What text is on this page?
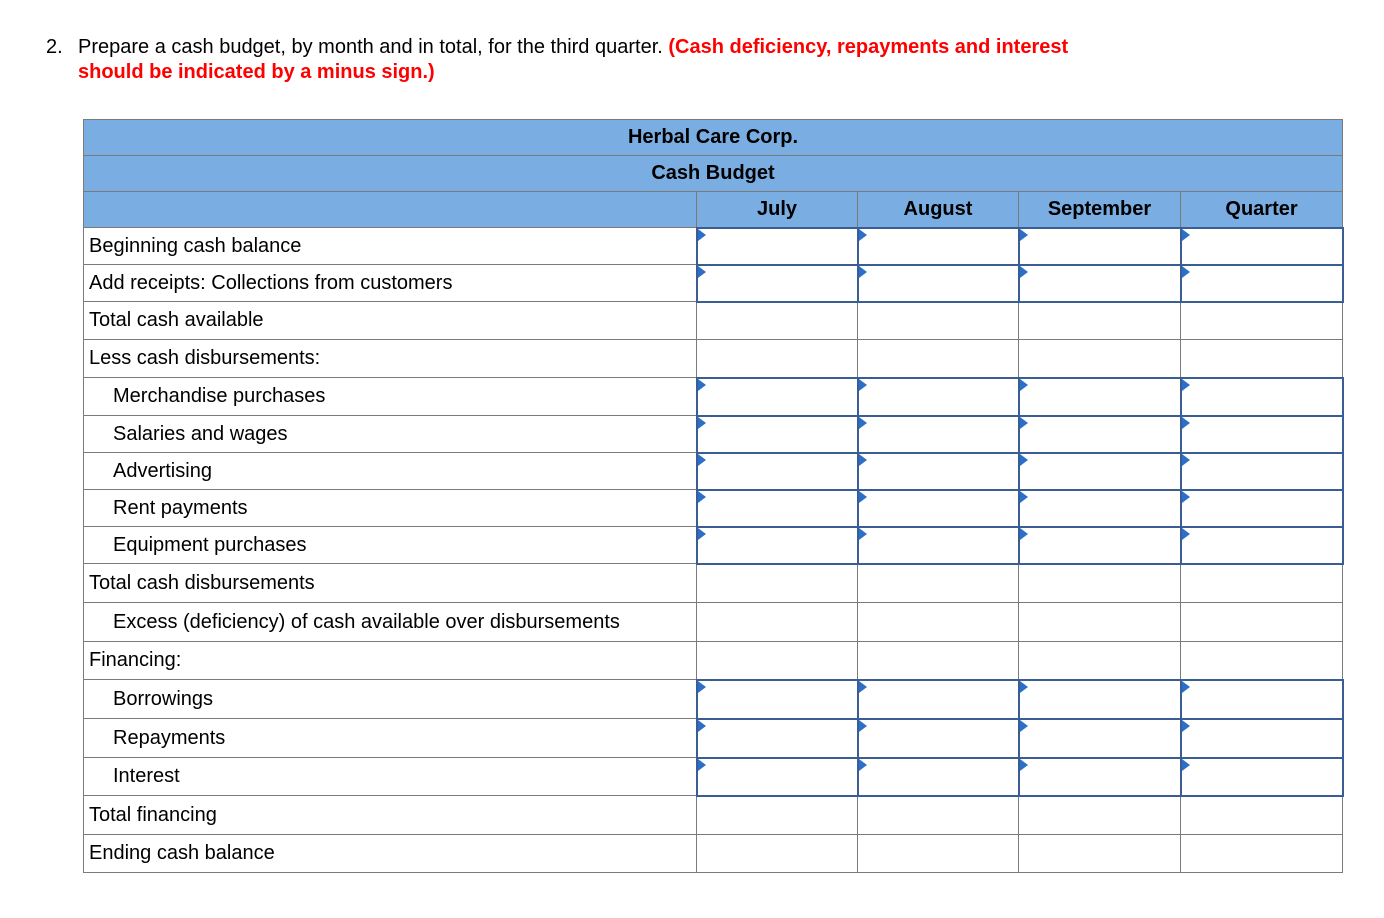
2. Prepare a cash budget, by month and in total, for the third quarter. (Cash deficiency, repayments and interest should be indicated by a minus sign.)
Herbal Care Corp.				
Cash Budget				
	July	August	September	Quarter
Beginning cash balance	

Add receipts: Collections from customers	

Total cash available				
Less cash disbursements:				
Merchandise purchases	

Salaries and wages	

Advertising	

Rent payments	

Equipment purchases	

Total cash disbursements				
Excess (deficiency) of cash available over disbursements				
Financing:				
Borrowings	

Repayments	

Interest	

Total financing				
Ending cash balance				
